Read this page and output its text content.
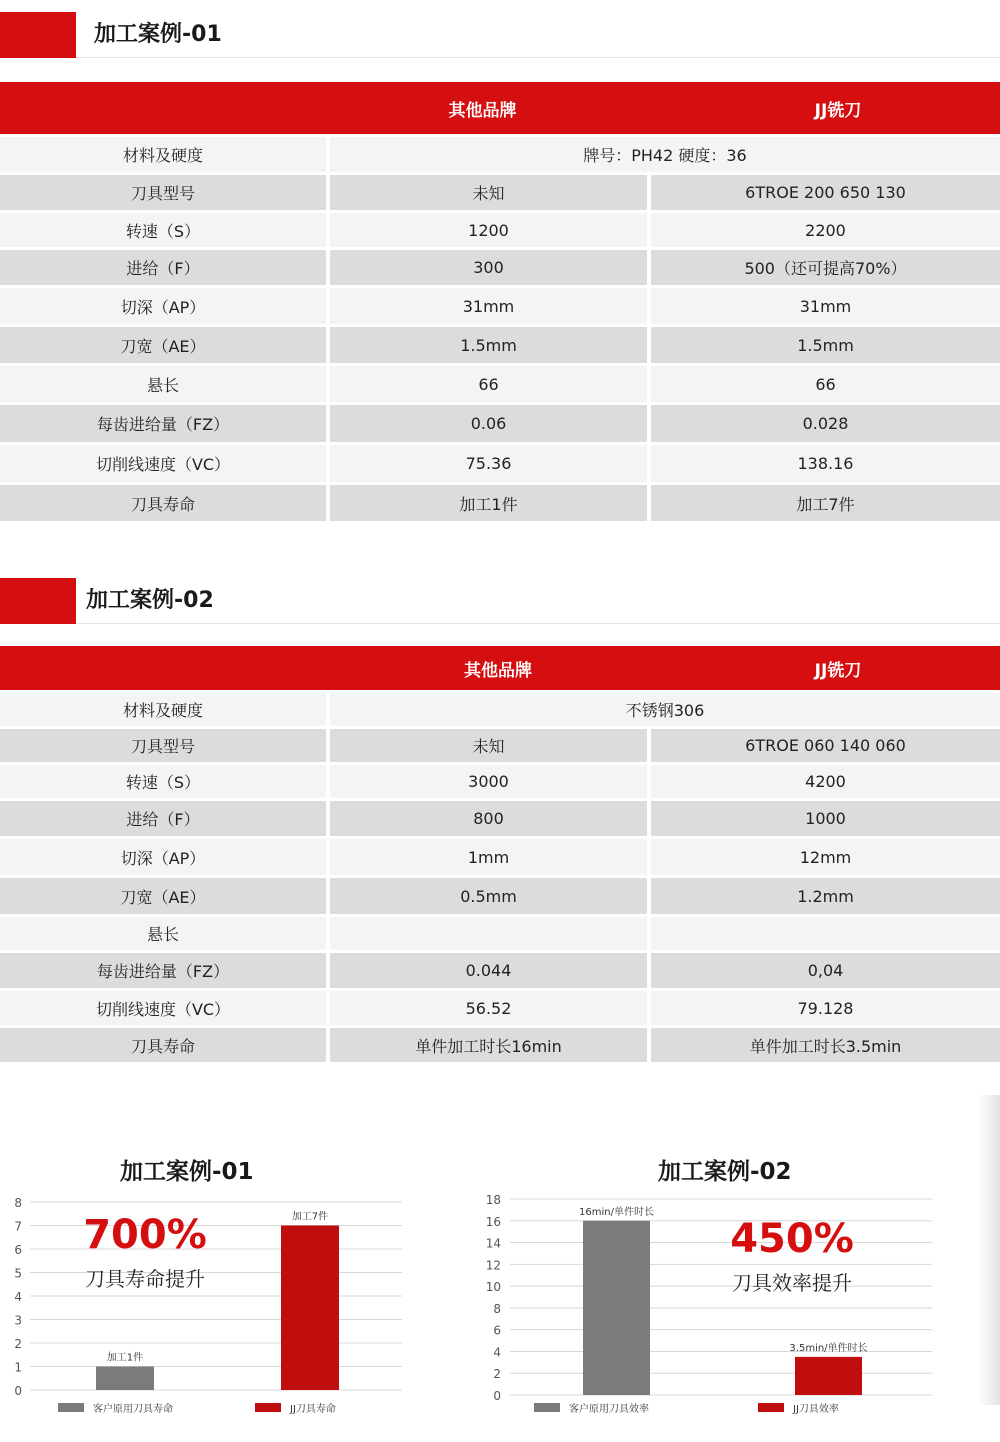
加工案例-01
其他品牌	JJ铣刀
材料及硬度	牌号：PH42 硬度：36
刀具型号	未知	6TROE 200 650 130
转速（S）	1200	2200
进给（F）	300	500（还可提高70%）
切深（AP）	31mm	31mm
刀宽（AE）	1.5mm	1.5mm
悬长	66	66
每齿进给量（FZ）	0.06	0.028
切削线速度（VC）	75.36	138.16
刀具寿命	加工1件	加工7件
加工案例-02
其他品牌	JJ铣刀
材料及硬度	不锈钢306
刀具型号	未知	6TROE 060 140 060
转速（S）	3000	4200
进给（F）	800	1000
切深（AP）	1mm	12mm
刀宽（AE）	0.5mm	1.2mm
悬长
每齿进给量（FZ）	0.044	0,04
切削线速度（VC）	56.52	79.128
刀具寿命	单件加工时长16min	单件加工时长3.5min
加工案例-01	加工案例-02
0
1
2
3
4
5
6
7
8
加工1件
客户原用刀具寿命
加工7件
JJ刀具寿命
700%
刀具寿命提升
0
2
4
6
8
10
12
14
16
18
16min/单件时长
客户原用刀具效率
3.5min/单件时长
JJ刀具效率
450%
刀具效率提升
